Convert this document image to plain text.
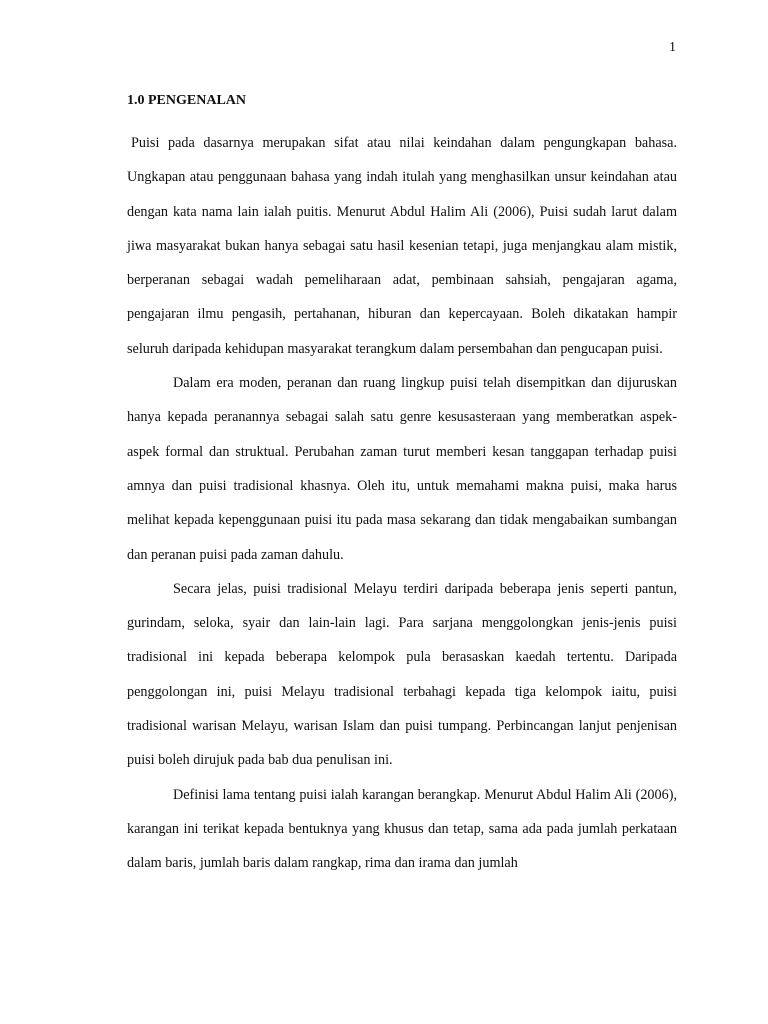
1
1.0 PENGENALAN

Puisi pada dasarnya merupakan sifat atau nilai keindahan dalam pengungkapan bahasa. Ungkapan atau penggunaan bahasa yang indah itulah yang menghasilkan unsur keindahan atau dengan kata nama lain ialah puitis. Menurut Abdul Halim Ali (2006), Puisi sudah larut dalam jiwa masyarakat bukan hanya sebagai satu hasil kesenian tetapi, juga menjangkau alam mistik, berperanan sebagai wadah pemeliharaan adat, pembinaan sahsiah, pengajaran agama, pengajaran ilmu pengasih, pertahanan, hiburan dan kepercayaan. Boleh dikatakan hampir seluruh daripada kehidupan masyarakat terangkum dalam persembahan dan pengucapan puisi.

Dalam era moden, peranan dan ruang lingkup puisi telah disempitkan dan dijuruskan hanya kepada peranannya sebagai salah satu genre kesusasteraan yang memberatkan aspek-aspek formal dan struktual. Perubahan zaman turut memberi kesan tanggapan terhadap puisi amnya dan puisi tradisional khasnya. Oleh itu, untuk memahami makna puisi, maka harus melihat kepada kepenggunaan puisi itu pada masa sekarang dan tidak mengabaikan sumbangan dan peranan puisi pada zaman dahulu.

Secara jelas, puisi tradisional Melayu terdiri daripada beberapa jenis seperti pantun, gurindam, seloka, syair dan lain-lain lagi. Para sarjana menggolongkan jenis-jenis puisi tradisional ini kepada beberapa kelompok pula berasaskan kaedah tertentu. Daripada penggolongan ini, puisi Melayu tradisional terbahagi kepada tiga kelompok iaitu, puisi tradisional warisan Melayu, warisan Islam dan puisi tumpang. Perbincangan lanjut penjenisan puisi boleh dirujuk pada bab dua penulisan ini.

Definisi lama tentang puisi ialah karangan berangkap. Menurut Abdul Halim Ali (2006), karangan ini terikat kepada bentuknya yang khusus dan tetap, sama ada pada jumlah perkataan dalam baris, jumlah baris dalam rangkap, rima dan irama dan jumlah
